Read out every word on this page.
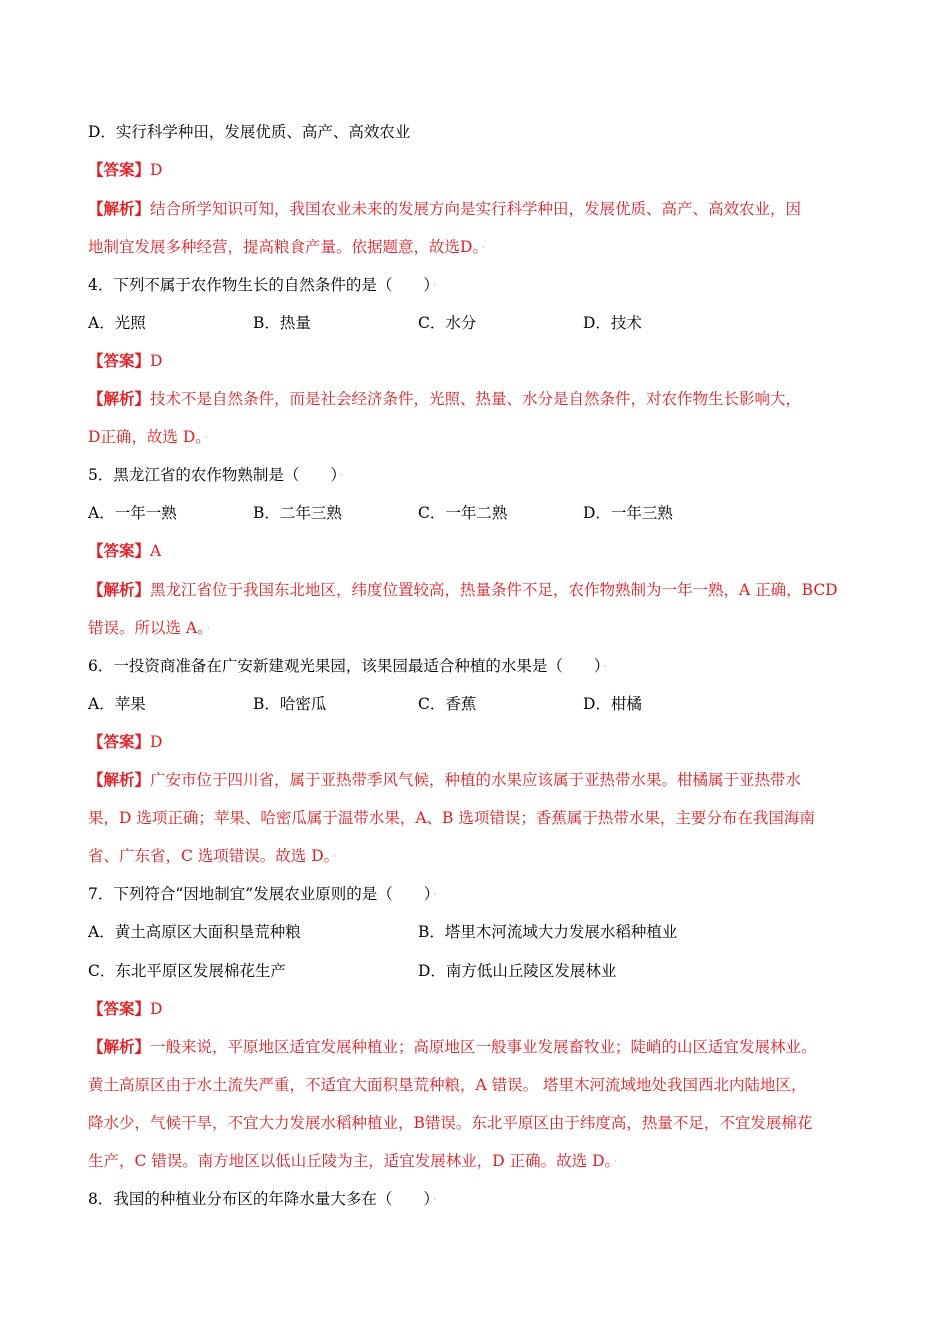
D．实行科学种田，发展优质、高产、高效农业 ·
【答案】D
【解析】结合所学知识可知，我国农业未来的发展方向是实行科学种田，发展优质、高产、高效农业，因
地制宜发展多种经营，提高粮食产量。依据题意，故选D。 ·
4．下列不属于农作物生长的自然条件的是（　　） ·
A．光照	B．热量	C．水分	D．技术
【答案】D
【解析】技术不是自然条件，而是社会经济条件，光照、热量、水分是自然条件，对农作物生长影响大，
D正确，故选 D。 ·
5．黑龙江省的农作物熟制是（　　） ·
A．一年一熟	B．二年三熟	C．一年二熟	D．一年三熟
【答案】A
【解析】黑龙江省位于我国东北地区，纬度位置较高，热量条件不足，农作物熟制为一年一熟，A 正确，BCD
错误。所以选 A。 ·
6．一投资商准备在广安新建观光果园，该果园最适合种植的水果是（　　） ·
A．苹果	B．哈密瓜	C．香蕉	D．柑橘
【答案】D
【解析】广安市位于四川省，属于亚热带季风气候，种植的水果应该属于亚热带水果。柑橘属于亚热带水
果，D 选项正确；苹果、哈密瓜属于温带水果，A、B 选项错误；香蕉属于热带水果，主要分布在我国海南
省、广东省，C 选项错误。故选 D。 ·
7．下列符合“因地制宜”发展农业原则的是（　　） ·
A．黄土高原区大面积垦荒种粮	B．塔里木河流域大力发展水稻种植业
C．东北平原区发展棉花生产	D．南方低山丘陵区发展林业
【答案】D
【解析】一般来说，平原地区适宜发展种植业；高原地区一般事业发展畜牧业；陡峭的山区适宜发展林业。
黄土高原区由于水土流失严重，不适宜大面积垦荒种粮，A 错误。 塔里木河流域地处我国西北内陆地区，
降水少，气候干旱，不宜大力发展水稻种植业，B错误。东北平原区由于纬度高，热量不足，不宜发展棉花
生产，C 错误。南方地区以低山丘陵为主，适宜发展林业，D 正确。故选 D。 ·
8．我国的种植业分布区的年降水量大多在（　　） ·
